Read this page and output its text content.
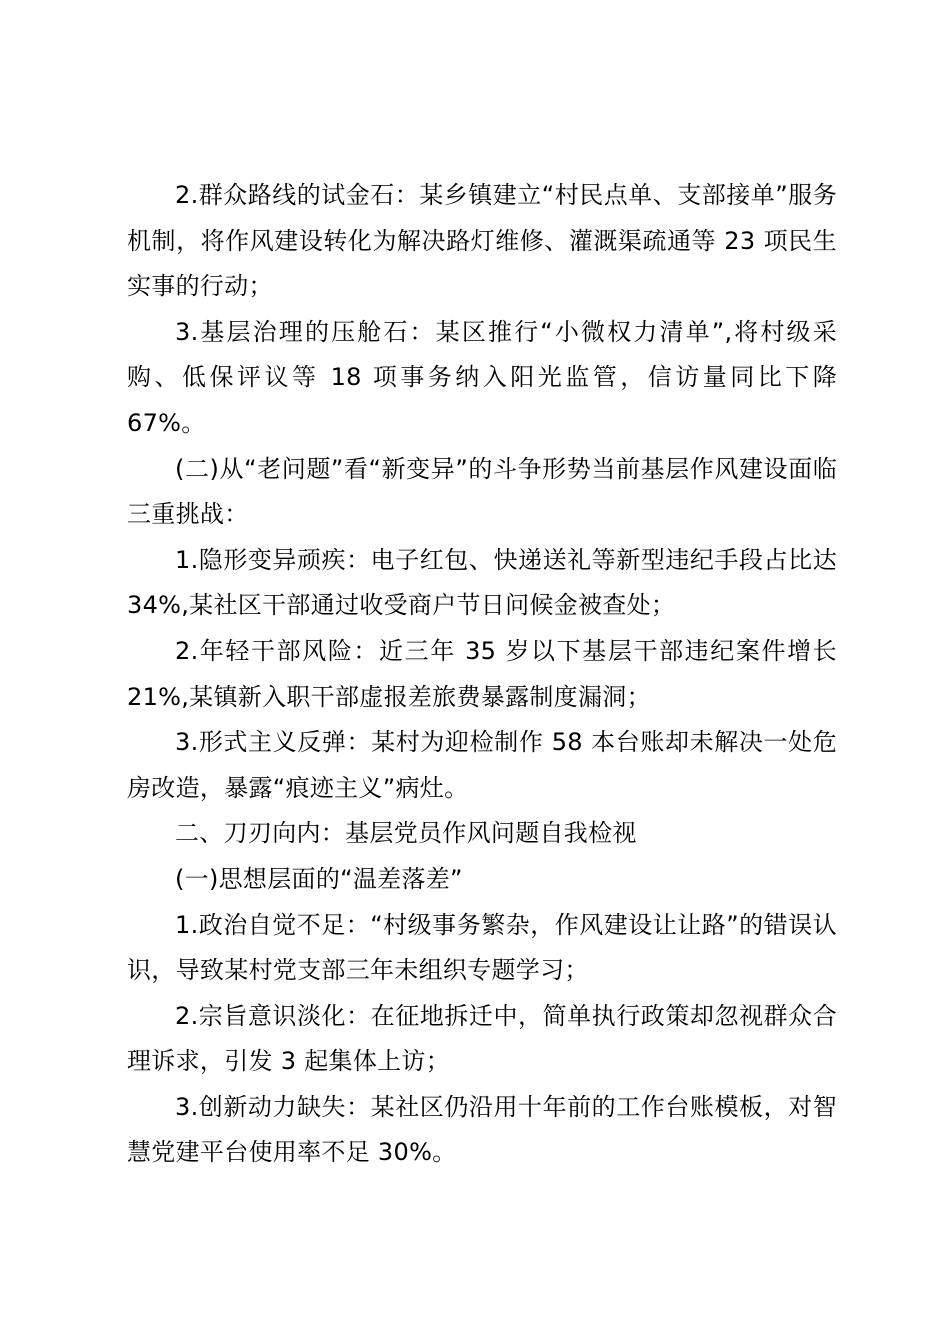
2.群众路线的试金石：某乡镇建立“村民点单、支部接单”服务机制，将作风建设转化为解决路灯维修、灌溉渠疏通等 23 项民生实事的行动；

3.基层治理的压舱石：某区推行“小微权力清单”,将村级采购、低保评议等 18 项事务纳入阳光监管，信访量同比下降 67%。

(二)从“老问题”看“新变异”的斗争形势当前基层作风建设面临三重挑战：

1.隐形变异顽疾：电子红包、快递送礼等新型违纪手段占比达 34%,某社区干部通过收受商户节日问候金被查处；

2.年轻干部风险：近三年 35 岁以下基层干部违纪案件增长 21%,某镇新入职干部虚报差旅费暴露制度漏洞；

3.形式主义反弹：某村为迎检制作 58 本台账却未解决一处危房改造，暴露“痕迹主义”病灶。

二、刀刃向内：基层党员作风问题自我检视

(一)思想层面的“温差落差”

1.政治自觉不足：“村级事务繁杂，作风建设让让路”的错误认识，导致某村党支部三年未组织专题学习；

2.宗旨意识淡化：在征地拆迁中，简单执行政策却忽视群众合理诉求，引发 3 起集体上访；

3.创新动力缺失：某社区仍沿用十年前的工作台账模板，对智慧党建平台使用率不足 30%。
